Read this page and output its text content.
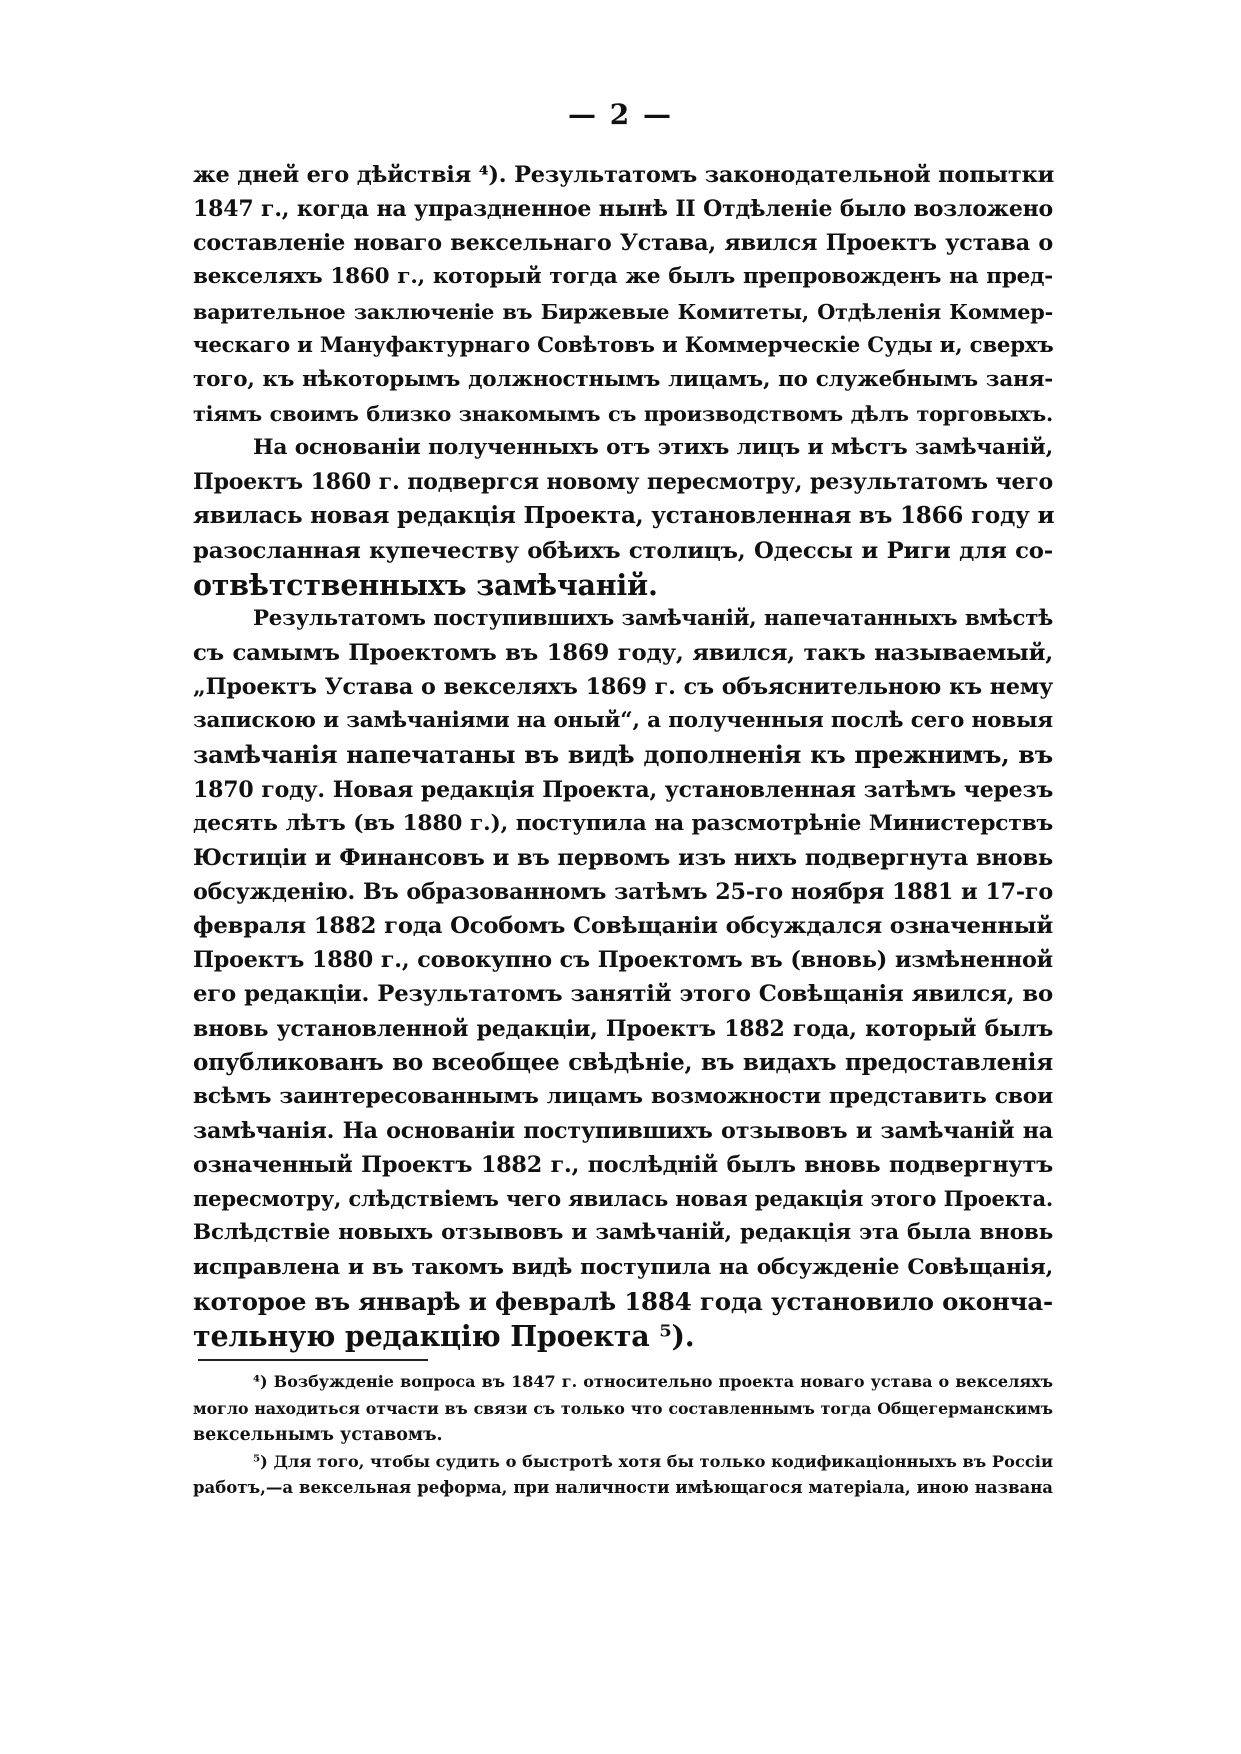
— 2 —
же дней его дѣйствія ⁴). Результатомъ законодательной попытки
1847 г., когда на упраздненное нынѣ II Отдѣленіе было возложено
составленіе новаго вексельнаго Устава, явился Проектъ устава о
векселяхъ 1860 г., который тогда же былъ препровожденъ на пред-
варительное заключеніе въ Биржевые Комитеты, Отдѣленія Коммер-
ческаго и Мануфактурнаго Совѣтовъ и Коммерческіе Суды и, сверхъ
того, къ нѣкоторымъ должностнымъ лицамъ, по служебнымъ заня-
тіямъ своимъ близко знакомымъ съ производствомъ дѣлъ торговыхъ.
На основаніи полученныхъ отъ этихъ лицъ и мѣстъ замѣчаній,
Проектъ 1860 г. подвергся новому пересмотру, результатомъ чего
явилась новая редакція Проекта, установленная въ 1866 году и
разосланная купечеству обѣихъ столицъ, Одессы и Риги для со-
отвѣтственныхъ замѣчаній.
Результатомъ поступившихъ замѣчаній, напечатанныхъ вмѣстѣ
съ самымъ Проектомъ въ 1869 году, явился, такъ называемый,
„Проектъ Устава о векселяхъ 1869 г. съ объяснительною къ нему
запискою и замѣчаніями на оный“, а полученныя послѣ сего новыя
замѣчанія напечатаны въ видѣ дополненія къ прежнимъ, въ
1870 году. Новая редакція Проекта, установленная затѣмъ черезъ
десять лѣтъ (въ 1880 г.), поступила на разсмотрѣніе Министерствъ
Юстиціи и Финансовъ и въ первомъ изъ нихъ подвергнута вновь
обсужденію. Въ образованномъ затѣмъ 25-го ноября 1881 и 17-го
февраля 1882 года Особомъ Совѣщаніи обсуждался означенный
Проектъ 1880 г., совокупно съ Проектомъ въ (вновь) измѣненной
его редакціи. Результатомъ занятій этого Совѣщанія явился, во
вновь установленной редакціи, Проектъ 1882 года, который былъ
опубликованъ во всеобщее свѣдѣніе, въ видахъ предоставленія
всѣмъ заинтересованнымъ лицамъ возможности представить свои
замѣчанія. На основаніи поступившихъ отзывовъ и замѣчаній на
означенный Проектъ 1882 г., послѣдній былъ вновь подвергнутъ
пересмотру, слѣдствіемъ чего явилась новая редакція этого Проекта.
Вслѣдствіе новыхъ отзывовъ и замѣчаній, редакція эта была вновь
исправлена и въ такомъ видѣ поступила на обсужденіе Совѣщанія,
которое въ январѣ и февралѣ 1884 года установило оконча-
тельную редакцію Проекта ⁵).
⁴) Возбужденіе вопроса въ 1847 г. относительно проекта новаго устава о векселяхъ
могло находиться отчасти въ связи съ только что составленнымъ тогда Общегерманскимъ
вексельнымъ уставомъ.
⁵) Для того, чтобы судить о быстротѣ хотя бы только кодификаціонныхъ въ Россіи
работъ,—а вексельная реформа, при наличности имѣющагося матеріала, иною названа
